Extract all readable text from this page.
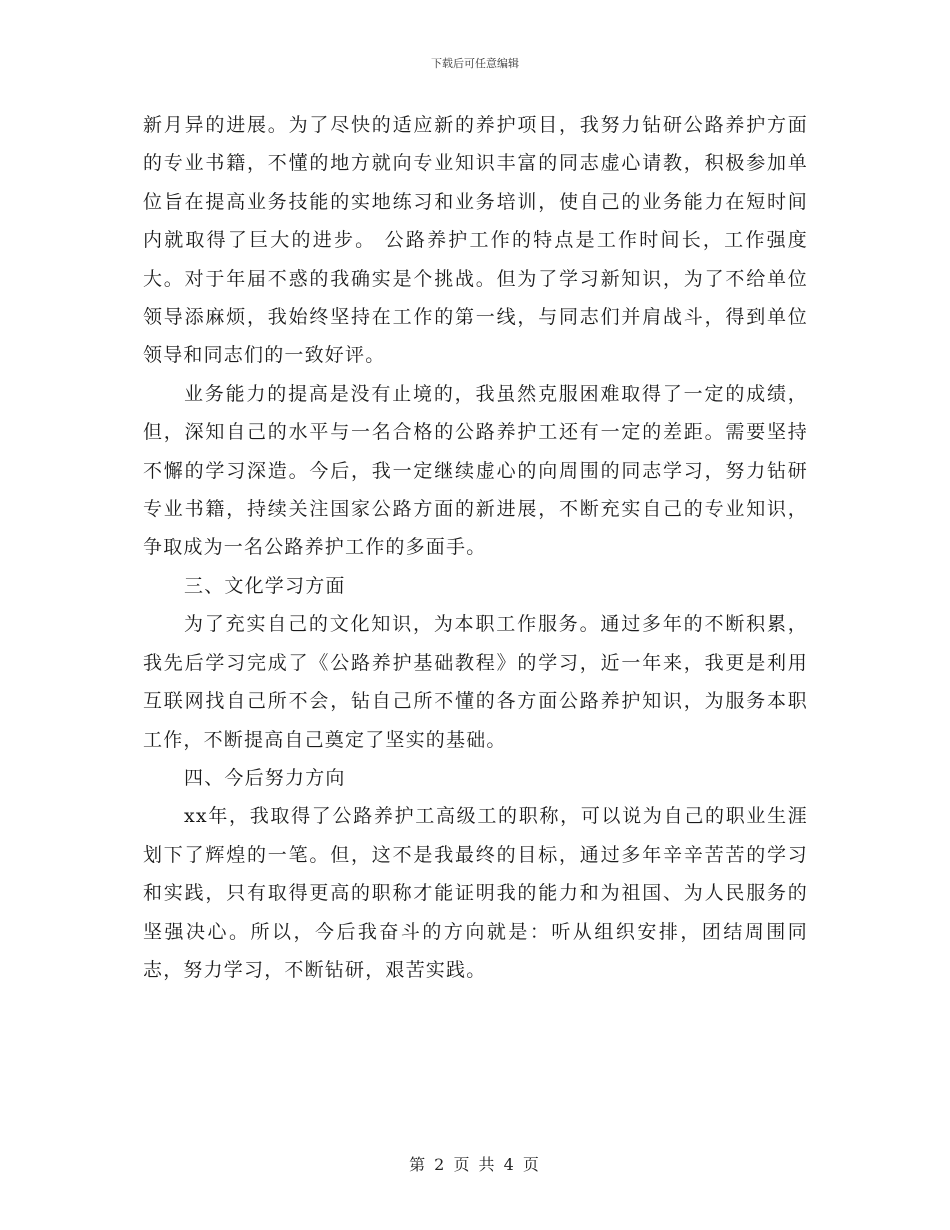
下载后可任意编辑

新月异的进展。为了尽快的适应新的养护项目，我努力钻研公路养护方面的专业书籍，不懂的地方就向专业知识丰富的同志虚心请教，积极参加单位旨在提高业务技能的实地练习和业务培训，使自己的业务能力在短时间内就取得了巨大的进步。 公路养护工作的特点是工作时间长，工作强度大。对于年届不惑的我确实是个挑战。但为了学习新知识，为了不给单位领导添麻烦，我始终坚持在工作的第一线，与同志们并肩战斗，得到单位领导和同志们的一致好评。

业务能力的提高是没有止境的，我虽然克服困难取得了一定的成绩，但，深知自己的水平与一名合格的公路养护工还有一定的差距。需要坚持不懈的学习深造。今后，我一定继续虚心的向周围的同志学习，努力钻研专业书籍，持续关注国家公路方面的新进展，不断充实自己的专业知识，争取成为一名公路养护工作的多面手。

三、文化学习方面

为了充实自己的文化知识，为本职工作服务。通过多年的不断积累，我先后学习完成了《公路养护基础教程》的学习，近一年来，我更是利用互联网找自己所不会，钻自己所不懂的各方面公路养护知识，为服务本职工作，不断提高自己奠定了坚实的基础。

四、今后努力方向

xx年，我取得了公路养护工高级工的职称，可以说为自己的职业生涯划下了辉煌的一笔。但，这不是我最终的目标，通过多年辛辛苦苦的学习和实践，只有取得更高的职称才能证明我的能力和为祖国、为人民服务的坚强决心。所以，今后我奋斗的方向就是：听从组织安排，团结周围同志，努力学习，不断钻研，艰苦实践。

第 2 页 共 4 页
